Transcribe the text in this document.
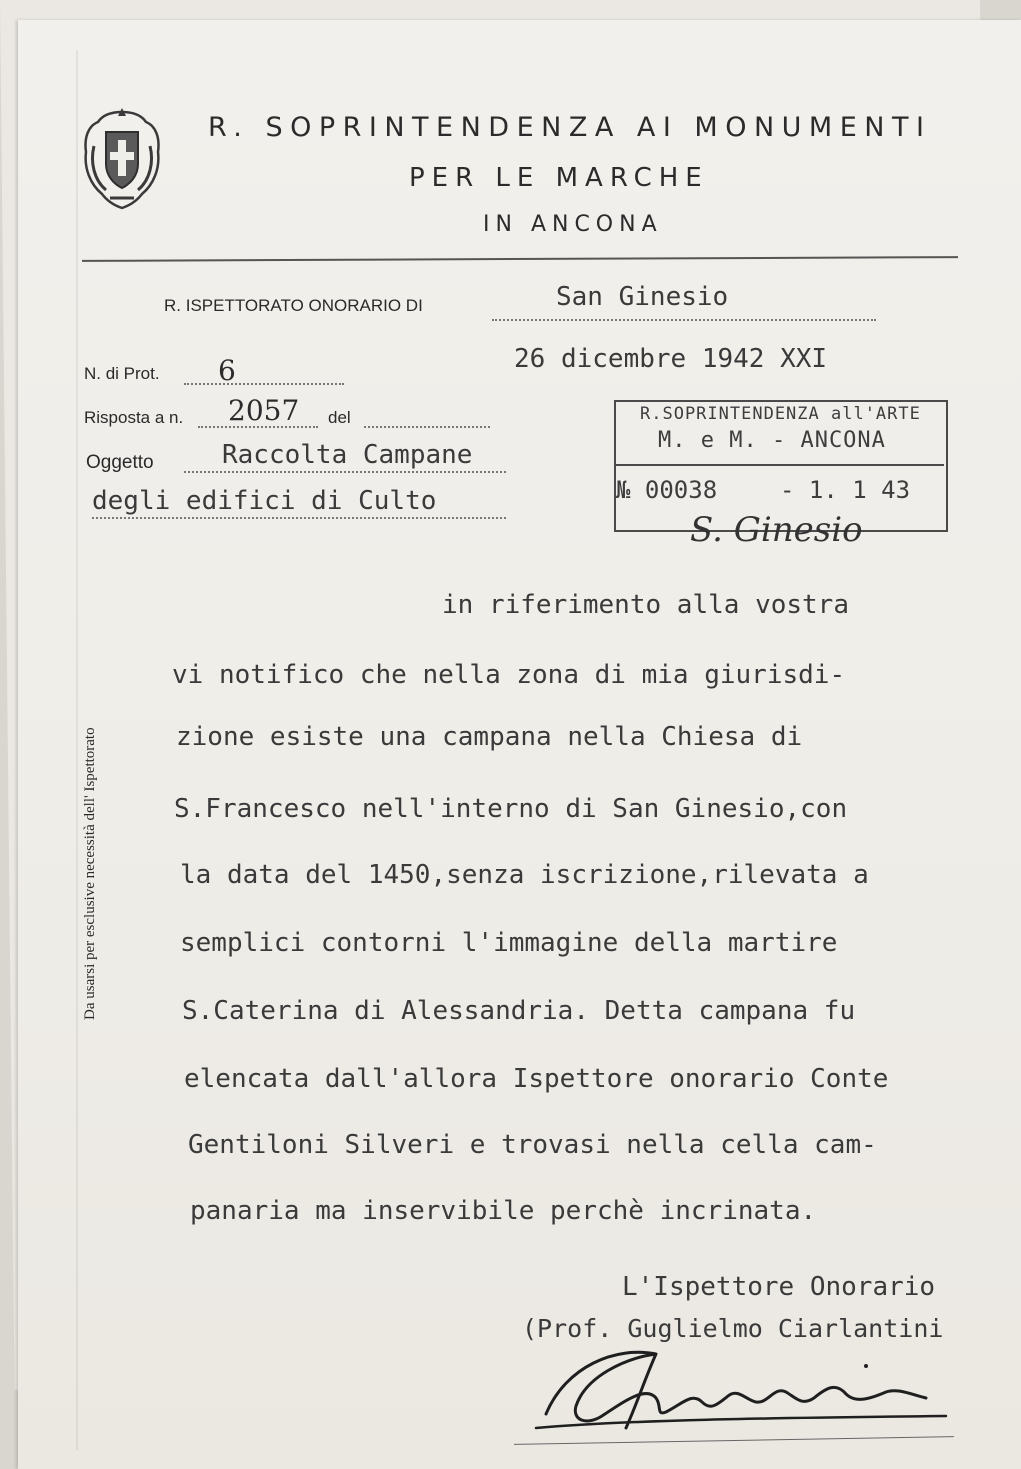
R. SOPRINTENDENZA AI MONUMENTI
PER LE MARCHE
IN ANCONA
R. ISPETTORATO ONORARIO DI	San Ginesio
N. di Prot. 6	26 dicembre 1942 XXI
Risposta a n. 2057 del
Oggetto	Raccolta Campane
degli edifici di Culto
R.SOPRINTENDENZA all'ARTE
M. e M. - ANCONA
№ 00038	- 1. 1 43
S. Ginesio
Da usarsi per esclusive necessità dell' Ispettorato
in riferimento alla vostra
vi notifico che nella zona di mia giurisdi-
zione esiste una campana nella Chiesa di
S.Francesco nell'interno di San Ginesio,con
la data del 1450,senza iscrizione,rilevata a
semplici contorni l'immagine della martire
S.Caterina di Alessandria. Detta campana fu
elencata dall'allora Ispettore onorario Conte
Gentiloni Silveri e trovasi nella cella cam-
panaria ma inservibile perchè incrinata.
L'Ispettore Onorario
(Prof. Guglielmo Ciarlantini
